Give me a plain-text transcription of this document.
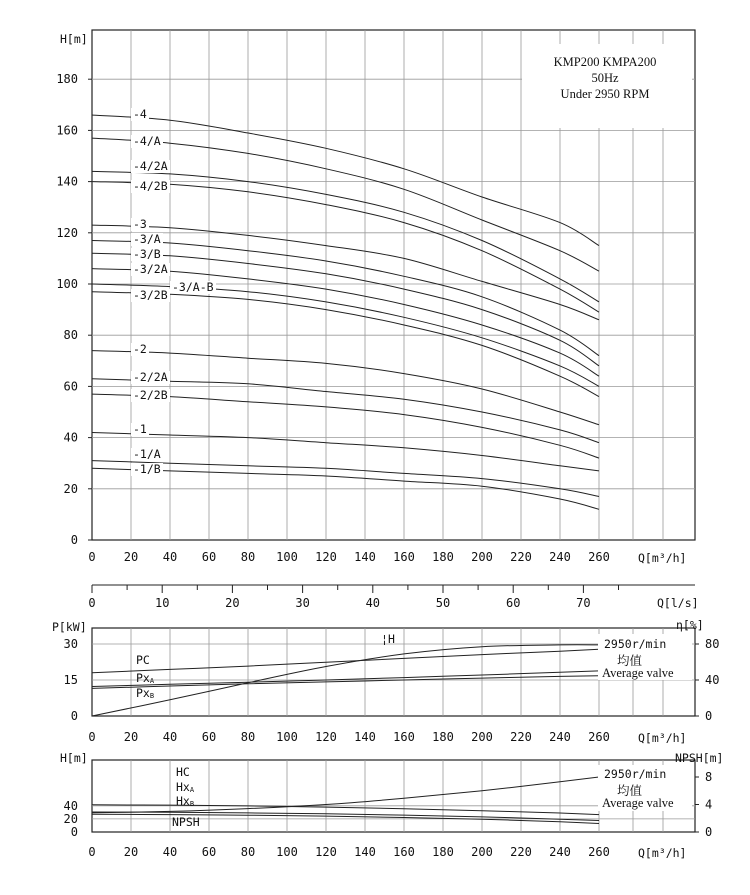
KMP200 KMPA200
50Hz
Under 2950 RPM
0
20
40
60
80
100
120
140
160
180
H[m]
0 20 40 60 80 100 120 140 160 180 200 220 240 260 Q[m³/h]
-4
-4/A
-4/2A
-4/2B
-3
-3/A
-3/B
-3/2A
-3/A-B
-3/2B
-2
-2/2A
-2/2B
-1
-1/A
-1/B
0	10	20	30	40	50	60	70	Q[l/s]
0
15
30
0
40
80
P[kW]	η[%]
0 20 40 60 80 100 120 140 160 180 200 220 240 260 Q[m³/h]
PC
PxA
PxB
¦ H	2950r/min
均值
Average valve
0
20
40
0
4
8
H[m]	NPSH[m]
0 20 40 60 80 100 120 140 160 180 200 220 240 260 Q[m³/h]
HC
HxA
HxB
NPSH
2950r/min
均值
Average valve
